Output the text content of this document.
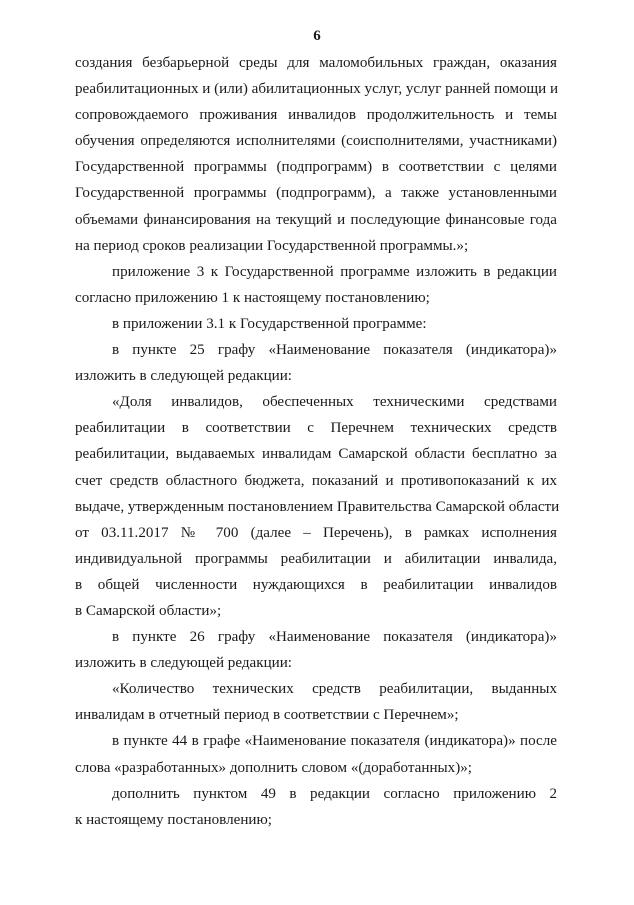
6
создания безбарьерной среды для маломобильных граждан, оказания
реабилитационных и (или) абилитационных услуг, услуг ранней помощи и
сопровождаемого проживания инвалидов продолжительность и темы
обучения определяются исполнителями (соисполнителями, участниками)
Государственной программы (подпрограмм) в соответствии с целями
Государственной программы (подпрограмм), а также установленными
объемами финансирования на текущий и последующие финансовые года
на период сроков реализации Государственной программы.»;
приложение 3 к Государственной программе изложить в редакции
согласно приложению 1 к настоящему постановлению;
в приложении 3.1 к Государственной программе:
в пункте 25 графу «Наименование показателя (индикатора)»
изложить в следующей редакции:
«Доля инвалидов, обеспеченных техническими средствами
реабилитации в соответствии с Перечнем технических средств
реабилитации, выдаваемых инвалидам Самарской области бесплатно за
счет средств областного бюджета, показаний и противопоказаний к их
выдаче, утвержденным постановлением Правительства Самарской области
от 03.11.2017 № 700 (далее – Перечень), в рамках исполнения
индивидуальной программы реабилитации и абилитации инвалида,
в общей численности нуждающихся в реабилитации инвалидов
в Самарской области»;
в пункте 26 графу «Наименование показателя (индикатора)»
изложить в следующей редакции:
«Количество технических средств реабилитации, выданных
инвалидам в отчетный период в соответствии с Перечнем»;
в пункте 44 в графе «Наименование показателя (индикатора)» после
слова «разработанных» дополнить словом «(доработанных)»;
дополнить пунктом 49 в редакции согласно приложению 2
к настоящему постановлению;
